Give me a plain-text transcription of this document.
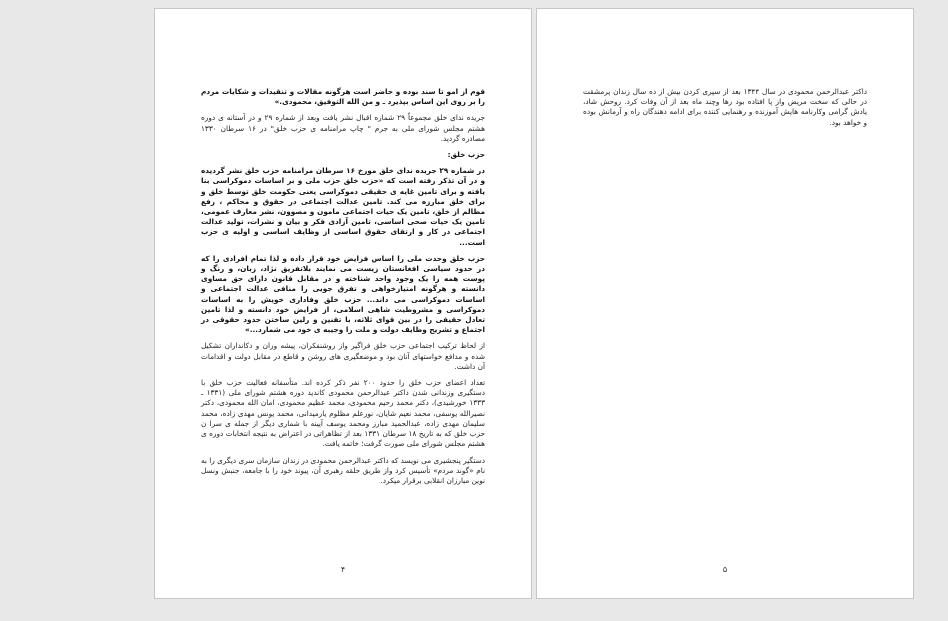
قوم از امو تا سند بوده و حاضر است هرگونه مقالات و تنقیدات و شکایات مردم را بر روی این اساس بپذیرد ـ و من الله التوفیق، محمودی.»

جریده ندای خلق مجموعاً ۲۹ شماره اقبال نشر یافت وبعد از شماره ۲۹ و در آستانه ی دوره هشتم مجلس شورای ملی به جرم " چاپ مرامنامه ی حزب خلق" در ۱۶ سرطان ۱۳۳۰ مصادره گردید.

حزب خلق:

در شماره ۲۹ جریده ندای خلق مورخ ۱۶ سرطان مرامنامه حزب خلق نشر گردیده و در آن تذکر رفته است که «حزب خلق حزب ملی و بر اساسات دموکراسی بنا یافته و برای تامین غایه ی حقیقی دموکراسی یعنی حکومت خلق توسط خلق و برای خلق مبارزه می کند. تامین عدالت اجتماعی در حقوق و محاکم ، رفع مظالم از خلق، تامین یک حیات اجتماعی مامون و مصوون، نشر معارف عمومی، تامین یک حیات صحی اساسی، تامین آزادی فکر و بیان و نشرات، تولید عدالت اجتماعی در کار و ارتقای حقوق اساسی از وظایف اساسی و اولیه ی حزب است...

حزب خلق وحدت ملی را اساس فرایض خود قرار داده و لذا تمام افرادی را که در حدود سیاسی افغانستان زیست می نمایند بلاتفریق نژاد، زبان، و رنگ و پوست همه را یک وجود واحد شناخته و در مقابل قانون دارای حق مساوی دانسته و هرگونه امتیازخواهی و تفرق جویی را منافی عدالت اجتماعی و اساسات دموکراسی می داند... حزب خلق وفاداری خویش را به اساسات دموکراسی و مشروطیت شاهی اسلامی، از فرایض خود دانسته و لذا تامین تعادل حقیقی را در بین قوای ثلاثه، با تقنین و رلین ساختن حدود حقوقی در اجتماع و تشریح وظایف دولت و ملت را وجیبه ی خود می شمارد...»

از لحاظ ترکیب اجتماعی حزب خلق فراگیر واز روشنفکران، پیشه وران و دکانداران تشکیل شده و مدافع خواستهای آنان بود و موضعگیری های روشن و قاطع در مقابل دولت و اقدامات آن داشت.

تعداد اعضای حزب خلق را حدود ۲۰۰ نفر ذکر کرده اند. متأسفانه فعالیت حزب خلق با دستگیری وزندانی شدن داکتر عبدالرحمن محمودی کاندید دوره هشتم شورای ملی (۱۳۳۱ ـ ۱۳۳۳ خورشیدی)، دکتر محمد رحیم محمودی، محمد عظیم محمودی، امان الله محمودی، دکتر نصیرالله یوسفی، محمد نعیم شایان، نورعلم مظلوم یارمیدانی، محمد یونس مهدی زاده، محمد سلیمان مهدی زاده، عبدالحمید مبارز ومحمد یوسف آیینه با شماری دیگر از جمله ی سرا ن حزب خلق که به تاریخ ۱۸ سرطان ۱۳۳۱ بعد از تظاهراتی در اعتراض به نتیجه انتخابات دوره ی هشتم مجلس شورای ملی صورت گرفت؛ خاتمه یافت.

دستگیر پنجشیری می نویسد که داکتر عبدالرحمن محمودی در زندان سازمان سری دیگری را به نام «گوند مردم» تأسیس کرد واز طریق حلقه رهبری آن، پیوند خود را با جامعه، جنبش ونسل نوین مبارزان انقلابی برقرار میکرد.

۴

داکتر عبدالرحمن محمودی در سال ۱۳۴۴ بعد از سپری کردن بیش از ده سال زندان پرمشقت در حالی که سخت مریض واز پا افتاده بود رها وچند ماه بعد از آن وفات کرد. روحش شاد، یادش گرامی وکارنامه هایش آموزنده و رهنمایی کننده برای ادامه دهندگان راه و آرمانش بوده و خواهد بود.

۵
